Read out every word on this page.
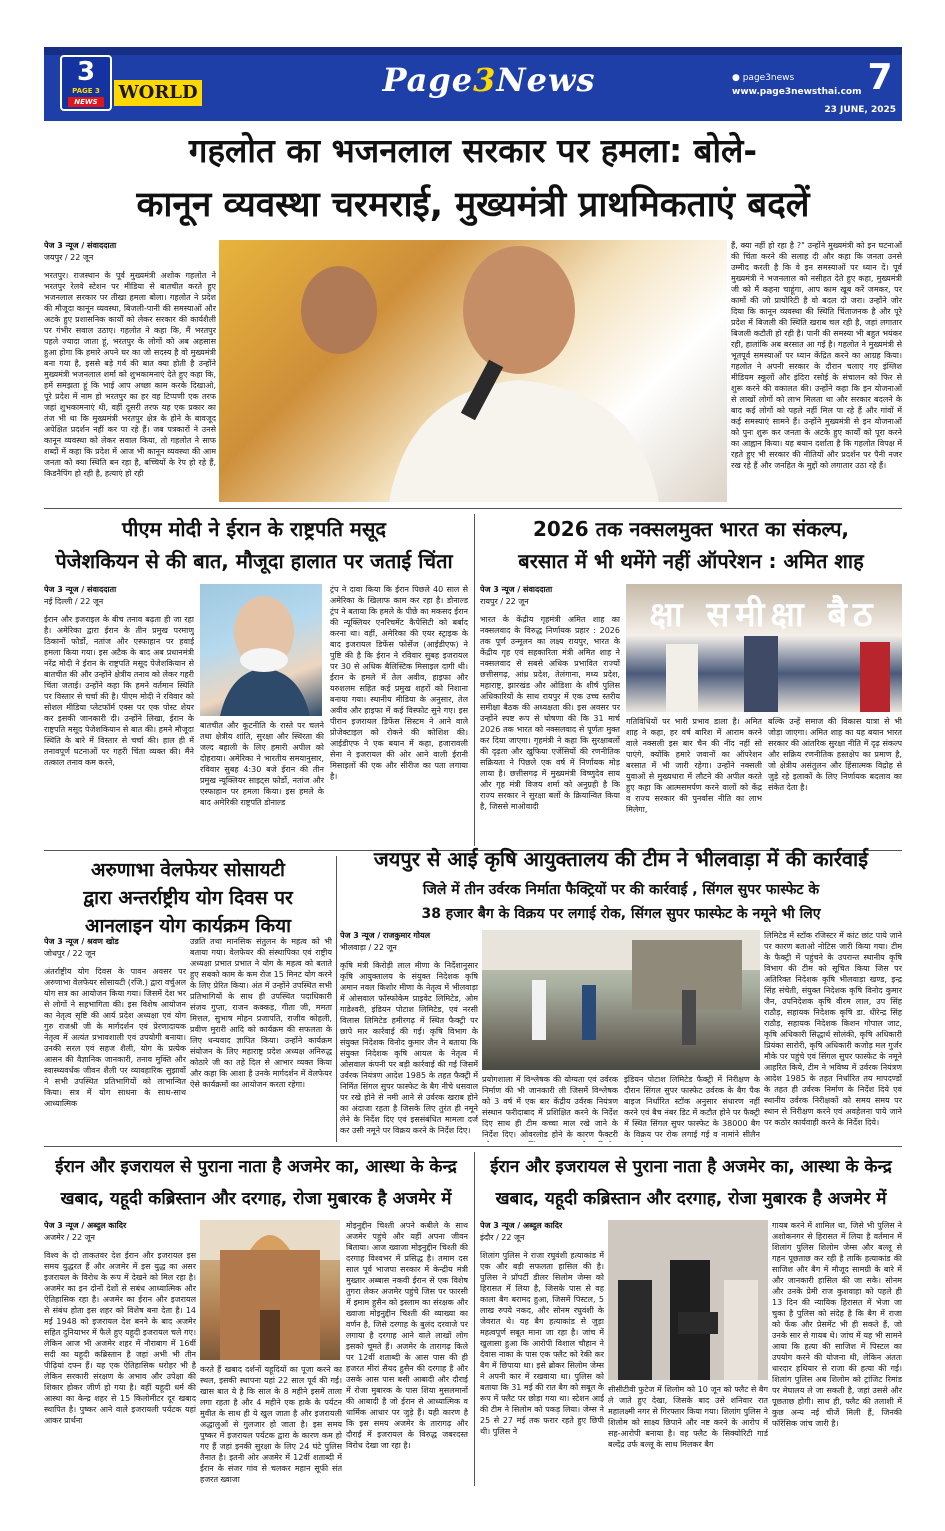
3
PAGE 3
NEWS	WORLD	Page3News	● page3news
www.page3newsthai.com 7
23 JUNE, 2025
गहलोत का भजनलाल सरकार पर हमला: बोले-
कानून व्यवस्था चरमराई, मुख्यमंत्री प्राथमिकताएं बदलें
पेज 3 न्यूज / संवाददाता
जयपुर / 22 जून
भरतपुर। राजस्थान के पूर्व मुख्यमंत्री अशोक गहलोत ने भरतपुर रेलवे स्टेशन पर मीडिया से बातचीत करते हुए भजनलाल सरकार पर तीखा हमला बोला। गहलोत ने प्रदेश की मौजूदा कानून व्यवस्था, बिजली-पानी की समस्याओं और अटके हुए प्रशासनिक कार्यों को लेकर सरकार की कार्यशैली पर गंभीर सवाल उठाए। गहलोत ने कहा कि, मैं भरतपुर पहले ज्यादा जाता हूं, भरतपुर के लोगों को अब अहसास हुआ होगा कि हमारे अपने घर का जो सदस्य है वो मुख्यमंत्री बना गया है, इससे बड़े गर्व की बात क्या होती है उन्होंने मुख्यमंत्री भजनलाल शर्मा को शुभकामनाएं देते हुए कहा कि, हमें समझता हूं कि भाई आप अच्छा काम करके दिखाओ, पूरे प्रदेश में नाम हो भरतपुर का हर वह टिप्पणी एक तरफ जहां शुभकामनाएं थी, वहीं दूसरी तरफ यह एक प्रकार का तंज भी था कि मुख्यमंत्री भरतपुर क्षेत्र के होने के बावजूद अपेक्षित प्रदर्शन नहीं कर पा रहे हैं। जब पत्रकारों ने उनसे कानून व्यवस्था को लेकर सवाल किया, तो गहलोत ने साफ शब्दों में कहा कि प्रदेश में आज भी कानून व्यवस्था की आम जनता को क्या स्थिति बन रहा है, बच्चियों के रेप हो रहे हैं, किडनैपिंग हो रही है, हत्याएं हो रही
हैं, क्या नहीं हो रहा है ?" उन्होंने मुख्यमंत्री को इन घटनाओं की चिंता करने की सलाह दी और कहा कि जनता उनसे उम्मीद करती है कि वे इन समस्याओं पर ध्यान दें। पूर्व मुख्यमंत्री ने भजनलाल को नसीहत देते हुए कहा, मुख्यमंत्री जी को मैं कहना चाहूंगा, आप काम खूब करें जमकर, पर कामों की जो प्रायोरिटी है वो बदल दो जरा। उन्होंने जोर दिया कि कानून व्यवस्था की स्थिति चिंताजनक है और पूरे प्रदेश में बिजली की स्थिति खराब चल रही है, जहां लगातार बिजली कटौती हो रही है। पानी की समस्या भी बहुत भयंकर रही, हालांकि अब बरसात आ गई है। गहलोत ने मुख्यमंत्री से भूतपूर्व समस्याओं पर ध्यान केंद्रित करने का आग्रह किया। गहलोत ने अपनी सरकार के दौरान चलाए गए इंग्लिश मीडियम स्कूलों और इंदिरा रसोई के संचालन को फिर से शुरू करने की वकालत की। उन्होंने कहा कि इन योजनाओं से लाखों लोगों को लाभ मिलता था और सरकार बदलने के बाद कई लोगों को पहले नहीं मिल पा रहे हैं और गांवों में कई समस्याएं सामने हैं। उन्होंने मुख्यमंत्री से इन योजनाओं को पुनः शुरू कर जनता के अटके हुए कार्यों को पूरा करने का आह्वान किया। यह बयान दर्शाता है कि गहलोत विपक्ष में रहते हुए भी सरकार की नीतियों और प्रदर्शन पर पैनी नजर रख रहे हैं और जनहित के मुद्दों को लगातार उठा रहे हैं।
पीएम मोदी ने ईरान के राष्ट्रपति मसूद
पेजेशकियन से की बात, मौजूदा हालात पर जताई चिंता
पेज 3 न्यूज / संवाददाता
नई दिल्ली / 22 जून
ईरान और इजराइल के बीच तनाव बढ़ता ही जा रहा है। अमेरिका द्वारा ईरान के तीन प्रमुख परमाणु ठिकानों फोर्डो, नतांज और एस्फाहान पर हवाई हमला किया गया। इस अटैक के बाद अब प्रधानमंत्री नरेंद्र मोदी ने ईरान के राष्ट्रपति मसूद पेजेशकियान से बातचीत की और उन्होंने क्षेत्रीय तनाव को लेकर गहरी चिंता जताई। उन्होंने कहा कि हमने वर्तमान स्थिति पर विस्तार से चर्चा की है। पीएम मोदी ने रविवार को सोशल मीडिया प्लेटफॉर्म एक्स पर एक पोस्ट शेयर कर इसकी जानकारी दी। उन्होंने लिखा, ईरान के राष्ट्रपति मसूद पेजेशकियान से बात की। हमने मौजूदा स्थिति के बारे में विस्तार से चर्चा की। हाल ही में तनावपूर्ण घटनाओं पर गहरी चिंता व्यक्त की। मैंने तत्काल तनाव कम करने,
बातचीत और कूटनीति के रास्ते पर चलने तथा क्षेत्रीय शांति, सुरक्षा और स्थिरता की जल्द बहाली के लिए हमारी अपील को दोहराया। अमेरिका ने भारतीय समयानुसार, रविवार सुबह 4:30 बजे ईरान की तीन प्रमुख न्यूक्लियर साइट्स फोर्डो, नतांज और एस्फाहान पर हमला किया। इस हमले के बाद अमेरिकी राष्ट्रपति डोनाल्ड
ट्रंप ने दावा किया कि ईरान पिछले 40 साल से अमेरिका के खिलाफ काम कर रहा है। डोनाल्ड ट्रंप ने बताया कि हमले के पीछे का मकसद ईरान की न्यूक्लियर एनरिचमेंट कैपेसिटी को बर्बाद करना था। वहीं, अमेरिका की एयर स्ट्राइक के बाद इजरायल डिफेंस फोर्सेज (आईडीएफ) ने पुष्टि की है कि ईरान ने रविवार सुबह इजरायल पर 30 से अधिक बैलिस्टिक मिसाइल दागी थी। ईरान के हमले में तेल अवीव, हाइफा और यरुशलम सहित कई प्रमुख शहरों को निशाना बनाया गया। स्थानीय मीडिया के अनुसार, तेल अवीव और हाइफा में कई विस्फोट सुने गए। इस पीरान इजरायल डिफेंस सिस्टम ने आने वाले प्रोजेक्टाइल को रोकने की कोशिश की। आईडीएफ ने एक बयान में कहा, हजारावली सेना ने इजरायल की ओर आने वाली ईरानी मिसाइलों की एक और सीरीज का पता लगाया है।
2026 तक नक्सलमुक्त भारत का संकल्प,
बरसात में भी थमेंगे नहीं ऑपरेशन : अमित शाह
पेज 3 न्यूज / संवाददाता
रायपुर / 22 जून
भारत के केंद्रीय गृहमंत्री अमित शाह का नक्सलवाद के विरुद्ध निर्णायक प्रहार : 2026 तक पूर्ण उन्मूलन का लक्ष्य रायपुर, भारत के केंद्रीय गृह एवं सहकारिता मंत्री अमित शाह ने नक्सलवाद से सबसे अधिक प्रभावित राज्यों छत्तीसगढ़, आंध्र प्रदेश, तेलंगाना, मध्य प्रदेश, महाराष्ट्र, झारखंड और ओडिशा के शीर्ष पुलिस अधिकारियों के साथ रायपुर में एक उच्च स्तरीय समीक्षा बैठक की अध्यक्षता की। इस अवसर पर उन्होंने स्पष्ट रूप से घोषणा की कि 31 मार्च 2026 तक भारत को नक्सलवाद से पूर्णतः मुक्त कर दिया जाएगा। गृहमंत्री ने कहा कि सुरक्षाबलों की दृढ़ता और खुफिया एजेंसियों की रणनीतिक सक्रियता ने पिछले एक वर्ष में निर्णायक मोड़ लाया है। छत्तीसगढ़ में मुख्यमंत्री विष्णुदेव साय और गृह मंत्री विजय शर्मा को अनुग्रही है कि राज्य सरकार ने सुरक्षा बलों के क्रियान्वित किया है, जिससे माओवादी
क्षा समीक्षा बैठ
गतिविधियों पर भारी प्रभाव डाला है। अमित शाह ने कहा, हर वर्ष बारिश में आराम करने वाले नक्सली इस बार चैन की नींद नहीं सो पाएंगे, क्योंकि हमारे जवानों का ऑपरेशन बरसात में भी जारी रहेगा। उन्होंने नक्सली युवाओं से मुख्यधारा में लौटने की अपील करते हुए कहा कि आत्मसमर्पण करने वालों को केंद्र व राज्य सरकार की पुनर्वास नीति का लाभ मिलेगा,
बल्कि उन्हें समाज की विकास यात्रा से भी जोड़ा जाएगा। अमित शाह का यह बयान भारत सरकार की आंतरिक सुरक्षा नीति में दृढ़ संकल्प और सक्रिय रणनीतिक हस्तक्षेप का प्रमाण है, जो क्षेत्रीय असंतुलन और हिंसात्मक विद्रोह से जुड़े रहे इलाकों के लिए निर्णायक बदलाव का संकेत देता है।
अरुणाभा वेलफेयर सोसायटी
द्वारा अन्तर्राष्ट्रीय योग दिवस पर
आनलाइन योग कार्यक्रम किया
पेज 3 न्यूज / श्रवण खोड
जोधपुर / 22 जून
अंतर्राष्ट्रीय योग दिवस के पावन अवसर पर अरुणाभा वेलफेयर सोसायटी (रजि.) द्वारा वर्चुअल योग सत्र का आयोजन किया गया। जिसमें देश भर से लोगों ने सहभागिता की। इस विशेष आयोजन का नेतृत्व सृष्टि की आर्य प्रदेश अध्यक्षा एवं योग गुरु राजश्री जी के मार्गदर्शन एवं प्रेरणादायक नेतृत्व में अत्यंत प्रभावशाली एवं उपयोगी बनाया। उनकी सरल एवं सहज शैली, योग के प्रत्येक आसन की वैज्ञानिक जानकारी, तनाव मुक्ति और स्वास्थ्यवर्धक जीवन शैली पर व्यावहारिक सुझावों ने सभी उपस्थित प्रतिभागियों को लाभान्वित किया। सत्र में योग साधना के साथ-साथ आध्यात्मिक
उन्नति तथा मानसिक संतुलन के महत्व को भी बताया गया। वेलफेयर की संस्थापिका एवं राष्ट्रीय अध्यक्षा प्रभात प्रभात ने योग के महत्व को बताते हुए सबको काम के कम रोज 15 मिनट योग करने के लिए प्रेरित किया। अंत में उन्होंने उपस्थित सभी प्रतिभागियों के साथ ही उपस्थित पदाधिकारी संजय गुप्ता, राजन कक्कड़, गीता जी, ममता मित्तल, सुभाष मोहन प्रजापति, राजीव कोहली, प्रवीण मुरारी आदि को कार्यक्रम की सफलता के लिए धन्यवाद ज्ञापित किया। उन्होंने कार्यक्रम संयोजन के लिए महाराष्ट्र प्रदेश अध्यक्ष अनिरुद्ध कोठारे जी का तहे दिल से आभार व्यक्त किया और कहा कि आशा है उनके मार्गदर्शन में वेलफेयर ऐसे कार्यक्रमों का आयोजन करता रहेगा।
जयपुर से आई कृषि आयुक्तालय की टीम ने भीलवाड़ा में की कार्रवाई
जिले में तीन उर्वरक निर्माता फैक्ट्रियों पर की कार्रवाई , सिंगल सुपर फास्फेट के
38 हजार बैग के विक्रय पर लगाई रोक, सिंगल सुपर फास्फेट के नमूने भी लिए
पेज 3 न्यूज / राजकुमार गोयल
भीलवाड़ा / 22 जून
कृषि मंत्री किरोड़ी लाल मीणा के निर्देशानुसार कृषि आयुक्तालय के संयुक्त निदेशक कृषि अमान नवल किशोर मीणा के नेतृत्व में भीलवाड़ा में ओसवाल फॉस्फोकेम प्राइवेट लिमिटेड, ओम गाडेश्वरी, इंडियन पोटाश लिमिटेड, एवं नरसी विलास लिमिटेड हमीरगढ़ में स्थित फैक्ट्री पर छापे मार कार्रवाई की गई। कृषि विभाग के संयुक्त निदेशक विनोद कुमार जैन ने बताया कि संयुक्त निदेशक कृषि आयल के नेतृत्व में ओसवाल कंपनी पर बड़ी कार्रवाई की गई जिसमें उर्वरक नियंत्रण आदेश 1985 के तहत फैक्ट्री में निर्मित सिंगल सुपर फास्फेट के बैग नीचे धसवाल पर रखे होने से नमी आने से उर्वरक खराब होने का अंदाजा रहता है जिसके लिए तुरंत ही नमूने लेने के निर्देश दिए एवं इससंबंधित मामला दर्ज कर उसी नमूने पर विक्रय करने के निर्देश दिए।
प्रयोगशाला में विश्लेषक की योग्यता एवं उर्वरक निर्माण की भी जानकारी ली जिसमें विश्लेषक को 3 वर्ष में एक बार केंद्रीय उर्वरक नियंत्रण संस्थान फरीदाबाद में प्रशिक्षित करने के निर्देश दिए साथ ही टीम कच्चा माल रखे जाने के निर्देश दिए। ओवरलोड होने के कारण फैक्टरी
इंडियन पोटाश लिमिटेड फैक्ट्री में निरीक्षण के दौरान सिंगल सुपर फास्फेट उर्वरक के बैग पैक बाइज निर्धारित स्टॉक अनुसार संधारण नहीं करने एवं बैच नंबर डिट में कटौत होने पर फैक्ट्री में स्थित सिंगल सुपर फास्फेट के 38000 बैग के विक्रय पर रोक लगाई गई व नामांने सीलैन
लिमिटेड में स्टॉक रजिस्टर में कांट छांट पाये जाने पर कारण बताओ नोटिस जारी किया गया। टीम के फैक्ट्री में पहुंचने के उपरान्त स्थानीय कृषि विभाग की टीम को सूचित किया जिस पर अतिरिक्त निदेशक कृषि भीलवाड़ा खण्ड, इन्द्र सिंह संचेती, संयुक्त निदेशक कृषि विनोद कुमार जैन, उपनिदेशक कृषि वीरम लाल, उप सिंह राठौड़, सहायक निदेशक कृषि डा. धीरेन्द्र सिंह राठौड़, सहायक निदेशक किशन गोपाल जाट, कृषि अधिकारी सिद्धार्थ सोलंकी, कृषि अधिकारी प्रियंका सारोरी, कृषि अधिकारी कजोड़ मल गुर्जर मौके पर पहुंचे एवं सिंगल सुपर फास्फेट के नमूने आहरित किये, टीम ने भविष्य में उर्वरक नियंत्रण आदेश 1985 के तहत निर्धारित तय मापदण्डों के तहत ही उर्वरक निर्माण के निर्देश दिये एवं स्थानीय उर्वरक निरीक्षकों को समय समय पर स्थान से निरीक्षण करने एवं अवहेलना पाये जाने पर कठोर कार्यवाही करने के निर्देश दिये।
ईरान और इजरायल से पुराना नाता है अजमेर का, आस्था के केन्द्र
खबाद, यहूदी कब्रिस्तान और दरगाह, रोजा मुबारक है अजमेर में
पेज 3 न्यूज / अब्दुल कादिर
अजमेर / 22 जून
विश्व के दो ताकतवर देश ईरान और इजरायल इस समय युद्धरत हैं और अजमेर में इस युद्ध का असर इजरायल के विरोध के रूप में देखने को मिल रहा है। अजमेर का इन दोनों देशों से सबंध आध्यात्मिक और ऐतिहासिक रहा है। अजमेर का ईरान और इजरायल से संबंध होता इस शहर को विशेष बना देता है। 14 मई 1948 को इजरायल देश बनने के बाद अजमेर सहित दुनियाभर में फैले हुए यहूदी इजरायल चले गए। लेकिन आज भी अजमेर शहर में नौराबाग में 16वीं सदी का यहूदी कब्रिस्तान है जहां अभी भी तीन पीढ़ियां दफ्न हैं। यह एक ऐतिहासिक धरोहर भी है लेकिन सरकारी संरक्षण के अभाव और उपेक्षा की शिकार होकर जीर्ण हो गया है। वहीं यहूदी धर्म की आस्था का केन्द्र शहर से 15 किलोमीटर दूर खबाद स्थापित है। पुष्कर आने वाले इजरायली पर्यटक यहां आकर प्रार्थना
करते हैं खबाद दर्शनों यहूदियों का पूजा करने का स्थल, इसकी स्थापना यहां 22 साल पूर्व की गई। खास बात ये है कि साल के 8 महीने इसमें ताला लगा रहता है और 4 महीने एक हाके के पर्यटन मुवीत के साथ ही ये खुल जाता है और इजरायली अद्धालुओं से गुलजार हो जाता है। इस समय पुष्कर में इजरायल पर्यटक द्वारा के कारण कम हो गए हैं जहां इनकी सुरक्षा के लिए 24 घंटे पुलिस तैनात है। इतनी ओर अजमेर में 12वीं शताब्दी में ईरान के संजर गांव से चलकर महान सूफी संत हजरत ख्वाजा
मोइनुद्दीन चिश्ती अपने कबीले के साथ अजमेर पहुंचे और यहीं अपना जीवन बिताया। आज ख्वाजा मोइनुद्दीन चिश्ती की दरगाह विश्वभर में प्रसिद्ध है। तमाम दस साल पूर्व भाजपा सरकार में केन्द्रीय मंत्री मुख्तार अब्बास नकवी ईरान से एक विशेष तुगरा लेकर अजमेर पहुंचे जिस पर फारसी में इमाम हुसैन को इस्लाम का संरक्षक और ख्वाजा मोइनुद्दीन चिश्ती की व्याख्या का वर्णन है, जिसे दरगाह के बुलंद दरवाजे पर लगाया है दरगाह आने वाले लाखों लोग इसको चूमते हैं। अजमेर के तारागढ़ किले पर 12वीं शताब्दी के आस पास की ही हजरत मीरां सैयद हुसैन की दरगाह है और उसके आस पास बसी आबादी और दौराई में रोजा मुबारक के पास शिया मुसलमानों की आबादी है जो ईरान से आध्यात्मिक व धार्मिक आधार पर जुड़े हैं। यही कारण है कि इस समय अजमेर के तारागढ़ और दौराई में इजरायल के विरुद्ध जबरदस्त विरोध देखा जा रहा है।
ईरान और इजरायल से पुराना नाता है अजमेर का, आस्था के केन्द्र
खबाद, यहूदी कब्रिस्तान और दरगाह, रोजा मुबारक है अजमेर में
पेज 3 न्यूज / अब्दुल कादिर
इंदौर / 22 जून
शिलांग पुलिस ने राजा रघुवंशी हत्याकांड में एक और बड़ी सफलता हासिल की है। पुलिस ने प्रॉपर्टी डीलर सिलोम जेम्स को हिरासत में लिया है, जिसके पास से वह काला बैग बरामद हुआ, जिसमें पिस्टल, 5 लाख रुपये नकद, और सोनम रघुवंशी के जेवरात थे। यह बैग हत्याकांड से जुड़ा महत्वपूर्ण सबूत माना जा रहा है। जांच में खुलासा हुआ कि आरोपी विशाल चौहान ने देवास नाका के पास एक फ्लैट को रेकी कर बैग में छिपाया था। इसे ब्रोकर सिलोम जेम्स ने अपनी कार में रखवाया था। पुलिस को बताया कि 31 मई की रात बैग को सबूत के रूप में फ्लैट पर छोड़ा गया था। स्टेशन आई की टीम ने सिलोम को पकड़ लिया। जेम्स ने 25 से 27 मई तक फरार रहते हुए छिपी थी। पुलिस ने
सीसीटीवी फुटेज में शिलोम को 10 जून को फ्लैट से बैग ले जाते हुए देखा, जिसके बाद उसे शनिवार रात महालक्ष्मी नगर से गिरफ्तार किया गया। शिलांग पुलिस ने शिलोम को साक्ष्य छिपाने और नष्ट करने के आरोप में सह-आरोपी बनाया है। वह फ्लैट के सिक्योरिटी गार्ड बल्देंद्र उर्फ बल्लू के साथ मिलकर बैग
गायब करने में शामिल था, जिसे भी पुलिस ने अशोकनगर से हिरासत में लिया है वर्तमान में शिलांग पुलिस शिलोम जेम्स और बल्लू से गहन पूछताछ कर रही है ताकि हत्याकांड की साजिश और बैग में मौजूद सामग्री के बारे में और जानकारी हासिल की जा सके। सोनम और उनके प्रेमी राज कुशवाहा को पहले ही 13 दिन की न्यायिक हिरासत में भेजा जा चुका है पुलिस को संदेह है कि बैग में राजा को फेंक और प्रेसमेंट भी ही सकते हैं, जो उनके सार से गायब थे। जांच में यह भी सामने आया कि हत्या की साजिश में पिस्टल का उपयोग करने की योजना थी, लेकिन अंततः धारदार हथियार से राजा की हत्या की गई। शिलांग पुलिस अब शिलोम को ट्रांजिट रिमांड पर मेघालय ले जा सकती है, जहां उससे और पूछताछ होगी। साथ ही, फ्लैट की तलाशी में कुछ अन्य नई चीजें मिली हैं, जिनकी फॉरेंसिक जांच जारी है।
